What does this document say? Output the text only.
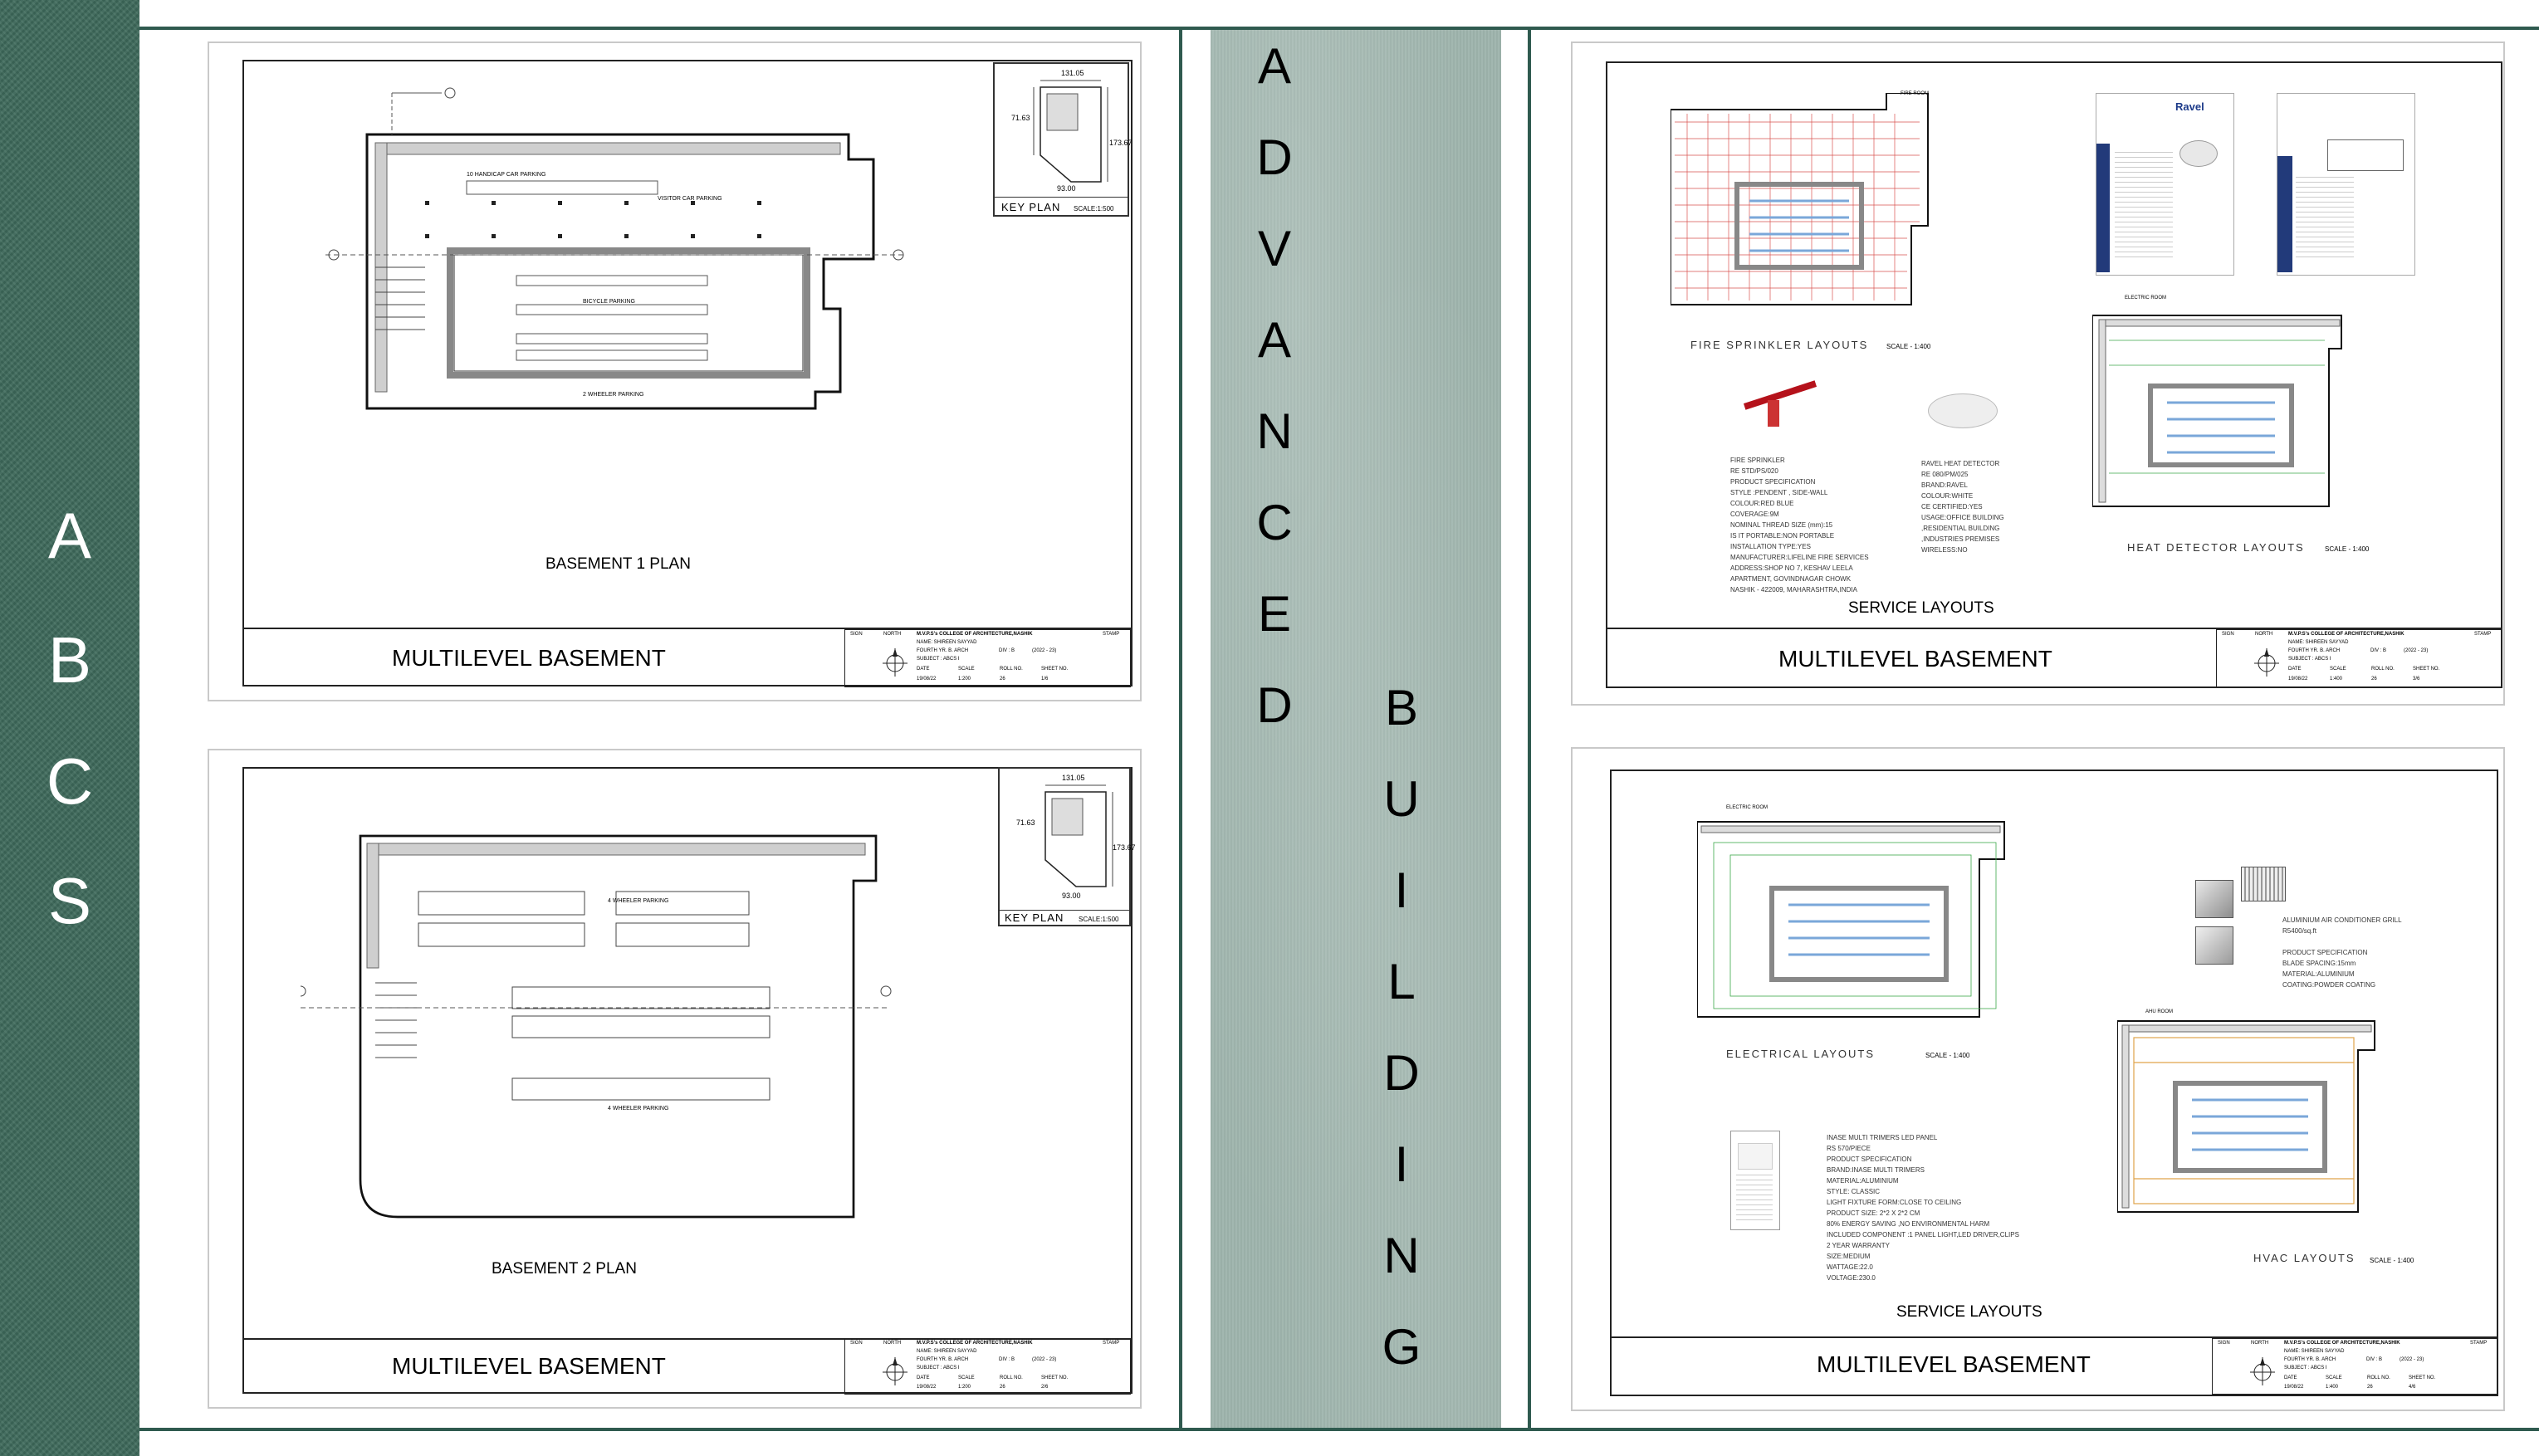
A
B
C
S
A
D
V
A
N
C
E
D	B
U
I
L
D
I
N
G
MULTILEVEL BASEMENT
BASEMENT 1 PLAN
131.05
71.63
173.67
93.00
KEY PLAN SCALE:1:500
10 HANDICAP CAR PARKING
VISITOR CAR PARKING
BICYCLE PARKING
2 WHEELER PARKING
SIGN	NORTH	M.V.P.S's COLLEGE OF ARCHITECTURE,NASHIK
NAME: SHIREEN SAYYAD
FOURTH YR. B. ARCH	DIV : B	(2022 - 23)
SUBJECT : ABCS I
DATE	SCALE	ROLL NO.	SHEET NO.
19/08/22	1:200	26	1/6
STAMP
MULTILEVEL BASEMENT
BASEMENT 2 PLAN
131.05
71.63
173.67
93.00
KEY PLAN SCALE:1:500
4 WHEELER PARKING
4 WHEELER PARKING
SIGN	NORTH	M.V.P.S's COLLEGE OF ARCHITECTURE,NASHIK
NAME: SHIREEN SAYYAD
FOURTH YR. B. ARCH	DIV : B	(2022 - 23)
SUBJECT : ABCS I
DATE	SCALE	ROLL NO.	SHEET NO.
19/08/22	1:200	26	2/6
STAMP
MULTILEVEL BASEMENT
SERVICE LAYOUTS
FIRE ROOM
FIRE SPRINKLER LAYOUTS	SCALE - 1:400
Ravel
FIRE SPRINKLER
RE STD/PS/020
PRODUCT SPECIFICATION
STYLE :PENDENT , SIDE-WALL
COLOUR:RED BLUE
COVERAGE:9M
NOMINAL THREAD SIZE (mm):15
IS IT PORTABLE:NON PORTABLE
INSTALLATION TYPE:YES
MANUFACTURER:LIFELINE FIRE SERVICES
ADDRESS:SHOP NO 7, KESHAV LEELA
APARTMENT, GOVINDNAGAR CHOWK
NASHIK - 422009, MAHARASHTRA,INDIA
RAVEL HEAT DETECTOR
RE 080/PM/025
BRAND:RAVEL
COLOUR:WHITE
CE CERTIFIED:YES
USAGE:OFFICE BUILDING
,RESIDENTIAL BUILDING
,INDUSTRIES PREMISES
WIRELESS:NO
ELECTRIC ROOM
HEAT DETECTOR LAYOUTS	SCALE - 1:400
SIGN	NORTH	M.V.P.S's COLLEGE OF ARCHITECTURE,NASHIK
NAME: SHIREEN SAYYAD
FOURTH YR. B. ARCH	DIV : B	(2022 - 23)
SUBJECT : ABCS I
DATE	SCALE	ROLL NO.	SHEET NO.
19/08/22	1:400	26	3/6
STAMP
MULTILEVEL BASEMENT
SERVICE LAYOUTS
ELECTRIC ROOM
ELECTRICAL LAYOUTS	SCALE - 1:400
ALUMINIUM AIR CONDITIONER GRILL
R5400/sq.ft

PRODUCT SPECIFICATION
BLADE SPACING:15mm
MATERIAL:ALUMINIUM
COATING:POWDER COATING
INASE MULTI TRIMERS LED PANEL
RS 570/PIECE
PRODUCT SPECIFICATION
BRAND:INASE MULTI TRIMERS
MATERIAL:ALUMINIUM
STYLE: CLASSIC
LIGHT FIXTURE FORM:CLOSE TO CEILING
PRODUCT SIZE: 2*2 X 2*2 CM
80% ENERGY SAVING ,NO ENVIRONMENTAL HARM
INCLUDED COMPONENT :1 PANEL LIGHT,LED DRIVER,CLIPS
2 YEAR WARRANTY
SIZE:MEDIUM
WATTAGE:22.0
VOLTAGE:230.0
AHU ROOM
HVAC LAYOUTS SCALE - 1:400
SIGN	NORTH	M.V.P.S's COLLEGE OF ARCHITECTURE,NASHIK
NAME: SHIREEN SAYYAD
FOURTH YR. B. ARCH	DIV : B	(2022 - 23)
SUBJECT : ABCS I
DATE	SCALE	ROLL NO.	SHEET NO.
19/08/22	1:400	26	4/6
STAMP
